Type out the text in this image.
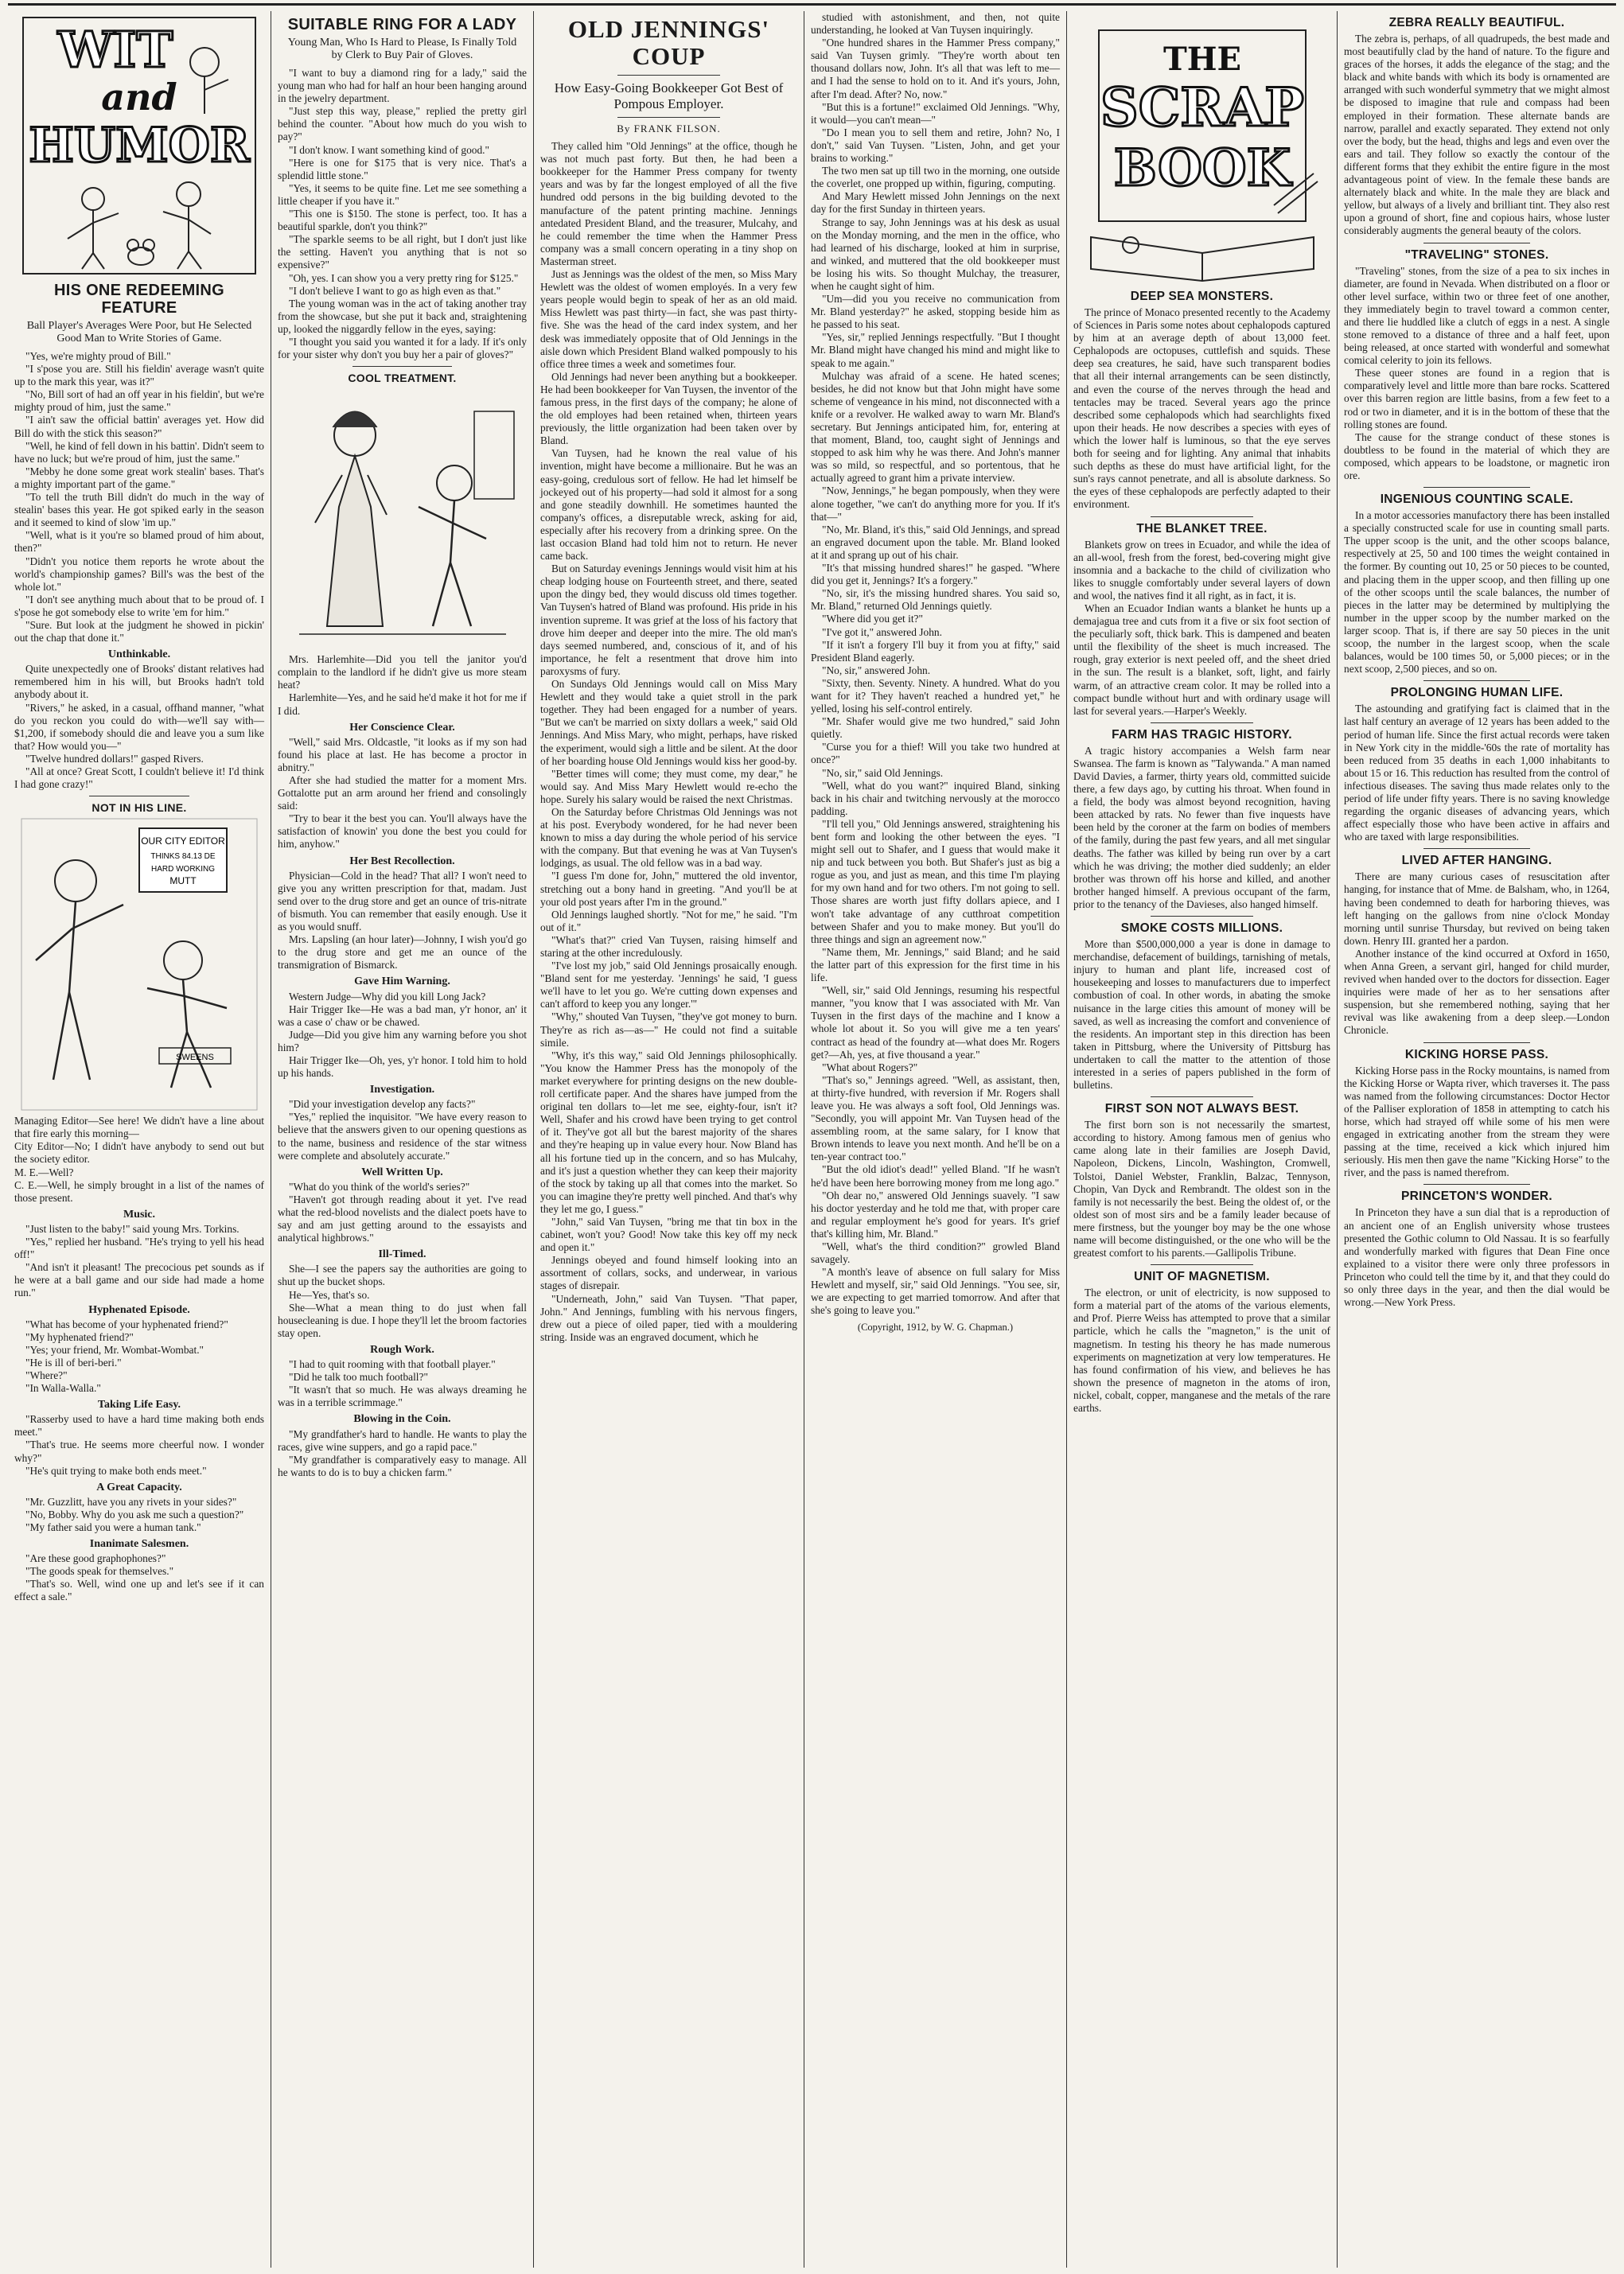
WIT
and
HUMOR
HIS ONE REDEEMING FEATURE
Ball Player's Averages Were Poor, but He Selected Good Man to Write Stories of Game.

"Yes, we're mighty proud of Bill."

"I s'pose you are. Still his fieldin' average wasn't quite up to the mark this year, was it?"

"No, Bill sort of had an off year in his fieldin', but we're mighty proud of him, just the same."

"I ain't saw the official battin' averages yet. How did Bill do with the stick this season?"

"Well, he kind of fell down in his battin'. Didn't seem to have no luck; but we're proud of him, just the same."

"Mebby he done some great work stealin' bases. That's a mighty important part of the game."

"To tell the truth Bill didn't do much in the way of stealin' bases this year. He got spiked early in the season and it seemed to kind of slow 'im up."

"Well, what is it you're so blamed proud of him about, then?"

"Didn't you notice them reports he wrote about the world's championship games? Bill's was the best of the whole lot."

"I don't see anything much about that to be proud of. I s'pose he got somebody else to write 'em for him."

"Sure. But look at the judgment he showed in pickin' out the chap that done it."

Unthinkable.

Quite unexpectedly one of Brooks' distant relatives had remembered him in his will, but Brooks hadn't told anybody about it.

"Rivers," he asked, in a casual, offhand manner, "what do you reckon you could do with—we'll say with—$1,200, if somebody should die and leave you a sum like that? How would you—"

"Twelve hundred dollars!" gasped Rivers.

"All at once? Great Scott, I couldn't believe it! I'd think I had gone crazy!"

NOT IN HIS LINE.
OUR CITY EDITOR
THINKS 84.13 DE
HARD WORKING
MUTT
SWEENS

Managing Editor—See here! We didn't have a line about that fire early this morning—

City Editor—No; I didn't have anybody to send out but the society editor.

M. E.—Well?

C. E.—Well, he simply brought in a list of the names of those present.

Music.

"Just listen to the baby!" said young Mrs. Torkins.

"Yes," replied her husband. "He's trying to yell his head off!"

"And isn't it pleasant! The precocious pet sounds as if he were at a ball game and our side had made a home run."

Hyphenated Episode.

"What has become of your hyphenated friend?"

"My hyphenated friend?"

"Yes; your friend, Mr. Wombat-Wombat."

"He is ill of beri-beri."

"Where?"

"In Walla-Walla."

Taking Life Easy.

"Rasserby used to have a hard time making both ends meet."

"That's true. He seems more cheerful now. I wonder why?"

"He's quit trying to make both ends meet."

A Great Capacity.

"Mr. Guzzlitt, have you any rivets in your sides?"

"No, Bobby. Why do you ask me such a question?"

"My father said you were a human tank."

Inanimate Salesmen.

"Are these good graphophones?"

"The goods speak for themselves."

"That's so. Well, wind one up and let's see if it can effect a sale."

SUITABLE RING FOR A LADY
Young Man, Who Is Hard to Please, Is Finally Told by Clerk to Buy Pair of Gloves.

"I want to buy a diamond ring for a lady," said the young man who had for half an hour been hanging around in the jewelry department.

"Just step this way, please," replied the pretty girl behind the counter. "About how much do you wish to pay?"

"I don't know. I want something kind of good."

"Here is one for $175 that is very nice. That's a splendid little stone."

"Yes, it seems to be quite fine. Let me see something a little cheaper if you have it."

"This one is $150. The stone is perfect, too. It has a beautiful sparkle, don't you think?"

"The sparkle seems to be all right, but I don't just like the setting. Haven't you anything that is not so expensive?"

"Oh, yes. I can show you a very pretty ring for $125."

"I don't believe I want to go as high even as that."

The young woman was in the act of taking another tray from the showcase, but she put it back and, straightening up, looked the niggardly fellow in the eyes, saying:

"I thought you said you wanted it for a lady. If it's only for your sister why don't you buy her a pair of gloves?"

COOL TREATMENT.

Mrs. Harlemhite—Did you tell the janitor you'd complain to the landlord if he didn't give us more steam heat?

Harlemhite—Yes, and he said he'd make it hot for me if I did.

Her Conscience Clear.

"Well," said Mrs. Oldcastle, "it looks as if my son had found his place at last. He has become a proctor in abnitry."

After she had studied the matter for a moment Mrs. Gottalotte put an arm around her friend and consolingly said:

"Try to bear it the best you can. You'll always have the satisfaction of knowin' you done the best you could for him, anyhow."

Her Best Recollection.

Physician—Cold in the head? That all? I won't need to give you any written prescription for that, madam. Just send over to the drug store and get an ounce of tris-nitrate of bismuth. You can remember that easily enough. Use it as you would snuff.

Mrs. Lapsling (an hour later)—Johnny, I wish you'd go to the drug store and get me an ounce of the transmigration of Bismarck.

Gave Him Warning.

Western Judge—Why did you kill Long Jack?

Hair Trigger Ike—He was a bad man, y'r honor, an' it was a case o' chaw or be chawed.

Judge—Did you give him any warning before you shot him?

Hair Trigger Ike—Oh, yes, y'r honor. I told him to hold up his hands.

Investigation.

"Did your investigation develop any facts?"

"Yes," replied the inquisitor. "We have every reason to believe that the answers given to our opening questions as to the name, business and residence of the star witness were complete and absolutely accurate."

Well Written Up.

"What do you think of the world's series?"

"Haven't got through reading about it yet. I've read what the red-blood novelists and the dialect poets have to say and am just getting around to the essayists and analytical highbrows."

Ill-Timed.

She—I see the papers say the authorities are going to shut up the bucket shops.

He—Yes, that's so.

She—What a mean thing to do just when fall housecleaning is due. I hope they'll let the broom factories stay open.

Rough Work.

"I had to quit rooming with that football player."

"Did he talk too much football?"

"It wasn't that so much. He was always dreaming he was in a terrible scrimmage."

Blowing in the Coin.

"My grandfather's hard to handle. He wants to play the races, give wine suppers, and go a rapid pace."

"My grandfather is comparatively easy to manage. All he wants to do is to buy a chicken farm."

OLD JENNINGS' COUP
How Easy-Going Bookkeeper Got Best of Pompous Employer.
By FRANK FILSON.

They called him "Old Jennings" at the office, though he was not much past forty. But then, he had been a bookkeeper for the Hammer Press company for twenty years and was by far the longest employed of all the five hundred odd persons in the big building devoted to the manufacture of the patent printing machine. Jennings antedated President Bland, and the treasurer, Mulcahy, and he could remember the time when the Hammer Press company was a small concern operating in a tiny shop on Masterman street.

Just as Jennings was the oldest of the men, so Miss Mary Hewlett was the oldest of women employés. In a very few years people would begin to speak of her as an old maid. Miss Hewlett was past thirty—in fact, she was past thirty-five. She was the head of the card index system, and her desk was immediately opposite that of Old Jennings in the aisle down which President Bland walked pompously to his office three times a week and sometimes four.

Old Jennings had never been anything but a bookkeeper. He had been bookkeeper for Van Tuysen, the inventor of the famous press, in the first days of the company; he alone of the old employes had been retained when, thirteen years previously, the little organization had been taken over by Bland.

Van Tuysen, had he known the real value of his invention, might have become a millionaire. But he was an easy-going, credulous sort of fellow. He had let himself be jockeyed out of his property—had sold it almost for a song and gone steadily downhill. He sometimes haunted the company's offices, a disreputable wreck, asking for aid, especially after his recovery from a drinking spree. On the last occasion Bland had told him not to return. He never came back.

But on Saturday evenings Jennings would visit him at his cheap lodging house on Fourteenth street, and there, seated upon the dingy bed, they would discuss old times together. Van Tuysen's hatred of Bland was profound. His pride in his invention supreme. It was grief at the loss of his factory that drove him deeper and deeper into the mire. The old man's days seemed numbered, and, conscious of it, and of his importance, he felt a resentment that drove him into paroxysms of fury.

On Sundays Old Jennings would call on Miss Mary Hewlett and they would take a quiet stroll in the park together. They had been engaged for a number of years. "But we can't be married on sixty dollars a week," said Old Jennings. And Miss Mary, who might, perhaps, have risked the experiment, would sigh a little and be silent. At the door of her boarding house Old Jennings would kiss her good-by.

"Better times will come; they must come, my dear," he would say. And Miss Mary Hewlett would re-echo the hope. Surely his salary would be raised the next Christmas.

On the Saturday before Christmas Old Jennings was not at his post. Everybody wondered, for he had never been known to miss a day during the whole period of his service with the company. But that evening he was at Van Tuysen's lodgings, as usual. The old fellow was in a bad way.

"I guess I'm done for, John," muttered the old inventor, stretching out a bony hand in greeting. "And you'll be at your old post years after I'm in the ground."

Old Jennings laughed shortly. "Not for me," he said. "I'm out of it."

"What's that?" cried Van Tuysen, raising himself and staring at the other incredulously.

"I've lost my job," said Old Jennings prosaically enough. "Bland sent for me yesterday. 'Jennings' he said, 'I guess we'll have to let you go. We're cutting down expenses and can't afford to keep you any longer.'"

"Why," shouted Van Tuysen, "they've got money to burn. They're as rich as—as—" He could not find a suitable simile.

"Why, it's this way," said Old Jennings philosophically. "You know the Hammer Press has the monopoly of the market everywhere for printing designs on the new double-roll certificate paper. And the shares have jumped from the original ten dollars to—let me see, eighty-four, isn't it? Well, Shafer and his crowd have been trying to get control of it. They've got all but the barest majority of the shares and they're heaping up in value every hour. Now Bland has all his fortune tied up in the concern, and so has Mulcahy, and it's just a question whether they can keep their majority of the stock by taking up all that comes into the market. So you can imagine they're pretty well pinched. And that's why they let me go, I guess."

"John," said Van Tuysen, "bring me that tin box in the cabinet, won't you? Good! Now take this key off my neck and open it."

Jennings obeyed and found himself looking into an assortment of collars, socks, and underwear, in various stages of disrepair.

"Underneath, John," said Van Tuysen. "That paper, John." And Jennings, fumbling with his nervous fingers, drew out a piece of oiled paper, tied with a mouldering string. Inside was an engraved document, which he

studied with astonishment, and then, not quite understanding, he looked at Van Tuysen inquiringly.

"One hundred shares in the Hammer Press company," said Van Tuysen grimly. "They're worth about ten thousand dollars now, John. It's all that was left to me—and I had the sense to hold on to it. And it's yours, John, after I'm dead. After? No, now."

"But this is a fortune!" exclaimed Old Jennings. "Why, it would—you can't mean—"

"Do I mean you to sell them and retire, John? No, I don't," said Van Tuysen. "Listen, John, and get your brains to working."

The two men sat up till two in the morning, one outside the coverlet, one propped up within, figuring, computing.

And Mary Hewlett missed John Jennings on the next day for the first Sunday in thirteen years.

Strange to say, John Jennings was at his desk as usual on the Monday morning, and the men in the office, who had learned of his discharge, looked at him in surprise, and winked, and muttered that the old bookkeeper must be losing his wits. So thought Mulchay, the treasurer, when he caught sight of him.

"Um—did you you receive no communication from Mr. Bland yesterday?" he asked, stopping beside him as he passed to his seat.

"Yes, sir," replied Jennings respectfully. "But I thought Mr. Bland might have changed his mind and might like to speak to me again."

Mulchay was afraid of a scene. He hated scenes; besides, he did not know but that John might have some scheme of vengeance in his mind, not disconnected with a knife or a revolver. He walked away to warn Mr. Bland's secretary. But Jennings anticipated him, for, entering at that moment, Bland, too, caught sight of Jennings and stopped to ask him why he was there. And John's manner was so mild, so respectful, and so portentous, that he actually agreed to grant him a private interview.

"Now, Jennings," he began pompously, when they were alone together, "we can't do anything more for you. If it's that—"

"No, Mr. Bland, it's this," said Old Jennings, and spread an engraved document upon the table. Mr. Bland looked at it and sprang up out of his chair.

"It's that missing hundred shares!" he gasped. "Where did you get it, Jennings? It's a forgery."

"No, sir, it's the missing hundred shares. You said so, Mr. Bland," returned Old Jennings quietly.

"Where did you get it?"

"I've got it," answered John.

"If it isn't a forgery I'll buy it from you at fifty," said President Bland eagerly.

"No, sir," answered John.

"Sixty, then. Seventy. Ninety. A hundred. What do you want for it? They haven't reached a hundred yet," he yelled, losing his self-control entirely.

"Mr. Shafer would give me two hundred," said John quietly.

"Curse you for a thief! Will you take two hundred at once?"

"No, sir," said Old Jennings.

"Well, what do you want?" inquired Bland, sinking back in his chair and twitching nervously at the morocco padding.

"I'll tell you," Old Jennings answered, straightening his bent form and looking the other between the eyes. "I might sell out to Shafer, and I guess that would make it nip and tuck between you both. But Shafer's just as big a rogue as you, and just as mean, and this time I'm playing for my own hand and for two others. I'm not going to sell. Those shares are worth just fifty dollars apiece, and I won't take advantage of any cutthroat competition between Shafer and you to make money. But you'll do three things and sign an agreement now."

"Name them, Mr. Jennings," said Bland; and he said the latter part of this expression for the first time in his life.

"Well, sir," said Old Jennings, resuming his respectful manner, "you know that I was associated with Mr. Van Tuysen in the first days of the machine and I know a whole lot about it. So you will give me a ten years' contract as head of the foundry at—what does Mr. Rogers get?—Ah, yes, at five thousand a year."

"What about Rogers?"

"That's so," Jennings agreed. "Well, as assistant, then, at thirty-five hundred, with reversion if Mr. Rogers shall leave you. He was always a soft fool, Old Jennings was. "Secondly, you will appoint Mr. Van Tuysen head of the assembling room, at the same salary, for I know that Brown intends to leave you next month. And he'll be on a ten-year contract too."

"But the old idiot's dead!" yelled Bland. "If he wasn't he'd have been here borrowing money from me long ago."

"Oh dear no," answered Old Jennings suavely. "I saw his doctor yesterday and he told me that, with proper care and regular employment he's good for years. It's grief that's killing him, Mr. Bland."

"Well, what's the third condition?" growled Bland savagely.

"A month's leave of absence on full salary for Miss Hewlett and myself, sir," said Old Jennings. "You see, sir, we are expecting to get married tomorrow. And after that she's going to leave you."

(Copyright, 1912, by W. G. Chapman.)
THE
SCRAP
BOOK
DEEP SEA MONSTERS.

The prince of Monaco presented recently to the Academy of Sciences in Paris some notes about cephalopods captured by him at an average depth of about 13,000 feet. Cephalopods are octopuses, cuttlefish and squids. These deep sea creatures, he said, have such transparent bodies that all their internal arrangements can be seen distinctly, and even the course of the nerves through the head and tentacles may be traced. Several years ago the prince described some cephalopods which had searchlights fixed upon their heads. He now describes a species with eyes of which the lower half is luminous, so that the eye serves both for seeing and for lighting. Any animal that inhabits such depths as these do must have artificial light, for the sun's rays cannot penetrate, and all is absolute darkness. So the eyes of these cephalopods are perfectly adapted to their environment.

THE BLANKET TREE.

Blankets grow on trees in Ecuador, and while the idea of an all-wool, fresh from the forest, bed-covering might give insomnia and a backache to the child of civilization who likes to snuggle comfortably under several layers of down and wool, the natives find it all right, as in fact, it is.

When an Ecuador Indian wants a blanket he hunts up a demajagua tree and cuts from it a five or six foot section of the peculiarly soft, thick bark. This is dampened and beaten until the flexibility of the sheet is much increased. The rough, gray exterior is next peeled off, and the sheet dried in the sun. The result is a blanket, soft, light, and fairly warm, of an attractive cream color. It may be rolled into a compact bundle without hurt and with ordinary usage will last for several years.—Harper's Weekly.

FARM HAS TRAGIC HISTORY.

A tragic history accompanies a Welsh farm near Swansea. The farm is known as "Talywanda." A man named David Davies, a farmer, thirty years old, committed suicide there, a few days ago, by cutting his throat. When found in a field, the body was almost beyond recognition, having been attacked by rats. No fewer than five inquests have been held by the coroner at the farm on bodies of members of the family, during the past few years, and all met singular deaths. The father was killed by being run over by a cart which he was driving; the mother died suddenly; an elder brother was thrown off his horse and killed, and another brother hanged himself. A previous occupant of the farm, prior to the tenancy of the Davieses, also hanged himself.

SMOKE COSTS MILLIONS.

More than $500,000,000 a year is done in damage to merchandise, defacement of buildings, tarnishing of metals, injury to human and plant life, increased cost of housekeeping and losses to manufacturers due to imperfect combustion of coal. In other words, in abating the smoke nuisance in the large cities this amount of money will be saved, as well as increasing the comfort and convenience of the residents. An important step in this direction has been taken in Pittsburg, where the University of Pittsburg has undertaken to call the matter to the attention of those interested in a series of papers published in the form of bulletins.

FIRST SON NOT ALWAYS BEST.

The first born son is not necessarily the smartest, according to history. Among famous men of genius who came along late in their families are Joseph David, Napoleon, Dickens, Lincoln, Washington, Cromwell, Tolstoi, Daniel Webster, Franklin, Balzac, Tennyson, Chopin, Van Dyck and Rembrandt. The oldest son in the family is not necessarily the best. Being the oldest of, or the oldest son of most sirs and be a family leader because of mere firstness, but the younger boy may be the one whose name will become distinguished, or the one who will be the greatest comfort to his parents.—Gallipolis Tribune.

UNIT OF MAGNETISM.

The electron, or unit of electricity, is now supposed to form a material part of the atoms of the various elements, and Prof. Pierre Weiss has attempted to prove that a similar particle, which he calls the "magneton," is the unit of magnetism. In testing his theory he has made numerous experiments on magnetization at very low temperatures. He has found confirmation of his view, and believes he has shown the presence of magneton in the atoms of iron, nickel, cobalt, copper, manganese and the metals of the rare earths.

ZEBRA REALLY BEAUTIFUL.

The zebra is, perhaps, of all quadrupeds, the best made and most beautifully clad by the hand of nature. To the figure and graces of the horses, it adds the elegance of the stag; and the black and white bands with which its body is ornamented are arranged with such wonderful symmetry that we might almost be disposed to imagine that rule and compass had been employed in their formation. These alternate bands are narrow, parallel and exactly separated. They extend not only over the body, but the head, thighs and legs and even over the ears and tail. They follow so exactly the contour of the different forms that they exhibit the entire figure in the most advantageous point of view. In the female these bands are alternately black and white. In the male they are black and yellow, but always of a lively and brilliant tint. They also rest upon a ground of short, fine and copious hairs, whose luster considerably augments the general beauty of the colors.

"TRAVELING" STONES.

"Traveling" stones, from the size of a pea to six inches in diameter, are found in Nevada. When distributed on a floor or other level surface, within two or three feet of one another, they immediately begin to travel toward a common center, and there lie huddled like a clutch of eggs in a nest. A single stone removed to a distance of three and a half feet, upon being released, at once started with wonderful and somewhat comical celerity to join its fellows.

These queer stones are found in a region that is comparatively level and little more than bare rocks. Scattered over this barren region are little basins, from a few feet to a rod or two in diameter, and it is in the bottom of these that the rolling stones are found.

The cause for the strange conduct of these stones is doubtless to be found in the material of which they are composed, which appears to be loadstone, or magnetic iron ore.

INGENIOUS COUNTING SCALE.

In a motor accessories manufactory there has been installed a specially constructed scale for use in counting small parts. The upper scoop is the unit, and the other scoops balance, respectively at 25, 50 and 100 times the weight contained in the former. By counting out 10, 25 or 50 pieces to be counted, and placing them in the upper scoop, and then filling up one of the other scoops until the scale balances, the number of pieces in the latter may be determined by multiplying the number in the upper scoop by the number marked on the larger scoop. That is, if there are say 50 pieces in the unit scoop, the number in the largest scoop, when the scale balances, would be 100 times 50, or 5,000 pieces; or in the next scoop, 2,500 pieces, and so on.

PROLONGING HUMAN LIFE.

The astounding and gratifying fact is claimed that in the last half century an average of 12 years has been added to the period of human life. Since the first actual records were taken in New York city in the middle-'60s the rate of mortality has been reduced from 35 deaths in each 1,000 inhabitants to about 15 or 16. This reduction has resulted from the control of infectious diseases. The saving thus made relates only to the period of life under fifty years. There is no saving knowledge regarding the organic diseases of advancing years, which affect especially those who have been active in affairs and who are taxed with large responsibilities.

LIVED AFTER HANGING.

There are many curious cases of resuscitation after hanging, for instance that of Mme. de Balsham, who, in 1264, having been condemned to death for harboring thieves, was left hanging on the gallows from nine o'clock Monday morning until sunrise Thursday, but revived on being taken down. Henry III. granted her a pardon.

Another instance of the kind occurred at Oxford in 1650, when Anna Green, a servant girl, hanged for child murder, revived when handed over to the doctors for dissection. Eager inquiries were made of her as to her sensations after suspension, but she remembered nothing, saying that her revival was like awakening from a deep sleep.—London Chronicle.

KICKING HORSE PASS.

Kicking Horse pass in the Rocky mountains, is named from the Kicking Horse or Wapta river, which traverses it. The pass was named from the following circumstances: Doctor Hector of the Palliser exploration of 1858 in attempting to catch his horse, which had strayed off while some of his men were engaged in extricating another from the stream they were passing at the time, received a kick which injured him seriously. His men then gave the name "Kicking Horse" to the river, and the pass is named therefrom.

PRINCETON'S WONDER.

In Princeton they have a sun dial that is a reproduction of an ancient one of an English university whose trustees presented the Gothic column to Old Nassau. It is so fearfully and wonderfully marked with figures that Dean Fine once explained to a visitor there were only three professors in Princeton who could tell the time by it, and that they could do so only three days in the year, and then the dial would be wrong.—New York Press.
